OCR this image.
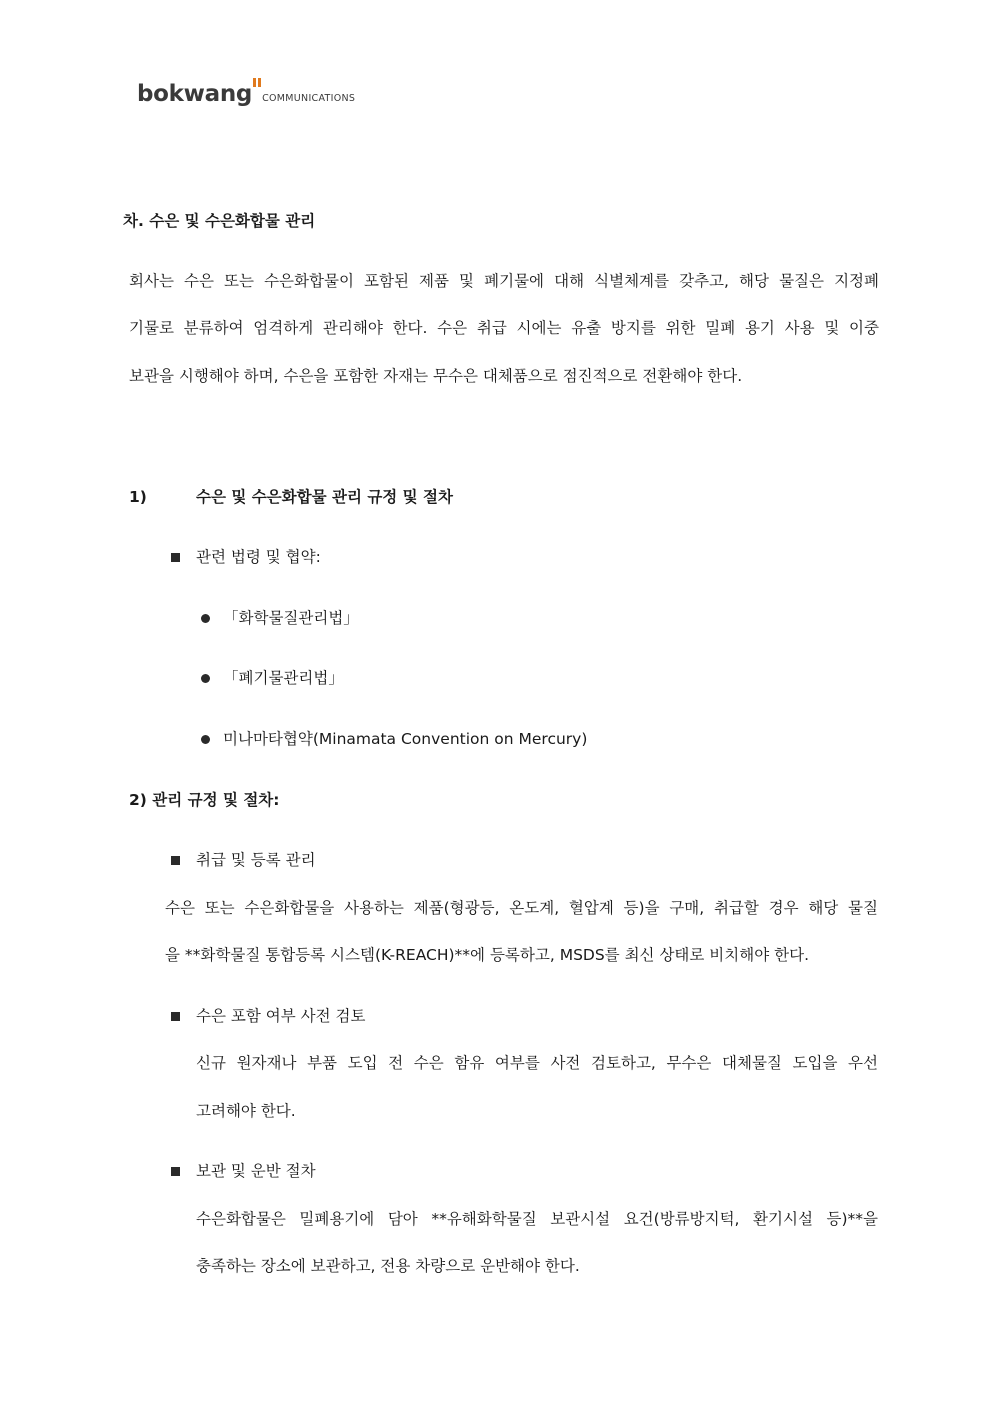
bokwang COMMUNICATIONS
차. 수은 및 수은화합물 관리
회사는 수은 또는 수은화합물이 포함된 제품 및 폐기물에 대해 식별체계를 갖추고, 해당 물질은 지정폐
기물로 분류하여 엄격하게 관리해야 한다. 수은 취급 시에는 유출 방지를 위한 밀폐 용기 사용 및 이중
보관을 시행해야 하며, 수은을 포함한 자재는 무수은 대체품으로 점진적으로 전환해야 한다.
1)	수은 및 수은화합물 관리 규정 및 절차
관련 법령 및 협약:
「화학물질관리법」
「폐기물관리법」
미나마타협약(Minamata Convention on Mercury)
2) 관리 규정 및 절차:
취급 및 등록 관리
수은 또는 수은화합물을 사용하는 제품(형광등, 온도계, 혈압계 등)을 구매, 취급할 경우 해당 물질
을 **화학물질 통합등록 시스템(K-REACH)**에 등록하고, MSDS를 최신 상태로 비치해야 한다.
수은 포함 여부 사전 검토
신규 원자재나 부품 도입 전 수은 함유 여부를 사전 검토하고, 무수은 대체물질 도입을 우선
고려해야 한다.
보관 및 운반 절차
수은화합물은 밀폐용기에 담아 **유해화학물질 보관시설 요건(방류방지턱, 환기시설 등)**을
충족하는 장소에 보관하고, 전용 차량으로 운반해야 한다.
